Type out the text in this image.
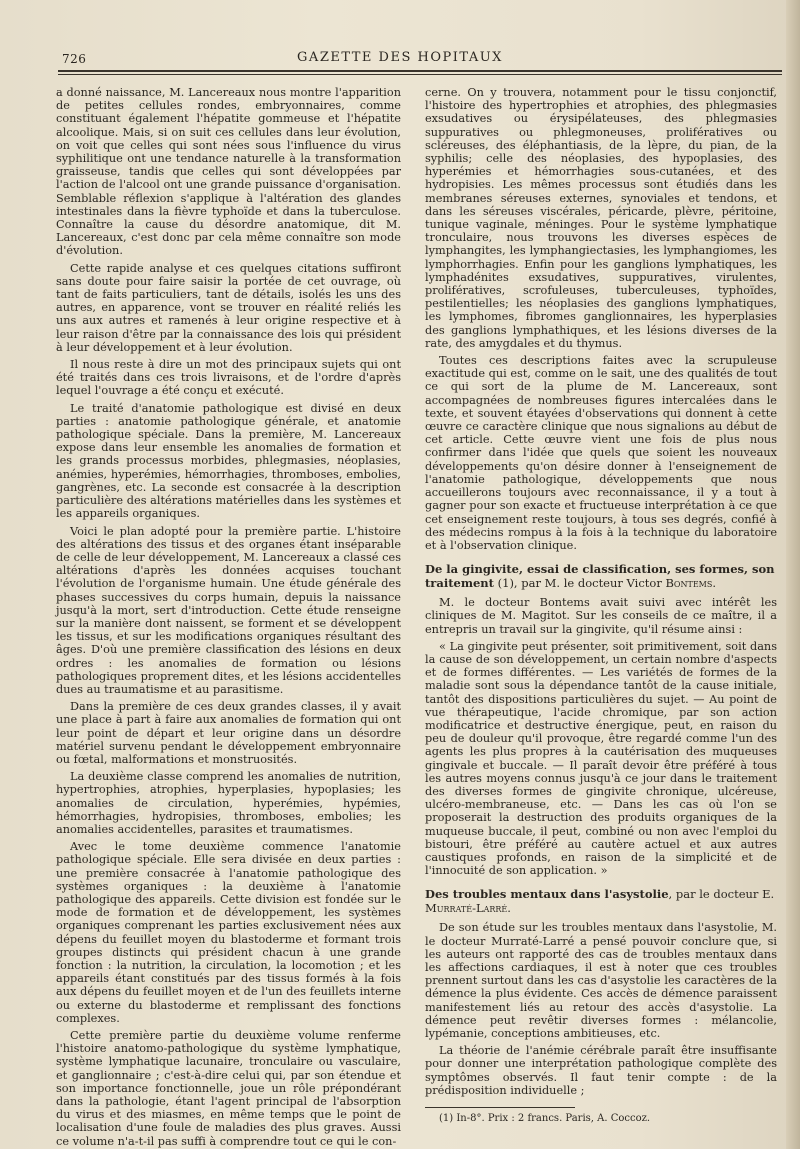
726	GAZETTE DES HOPITAUX

a donné naissance, M. Lancereaux nous montre l'apparition de petites cellules rondes, embryonnaires, comme constituant également l'hépatite gommeuse et l'hépatite alcoolique. Mais, si on suit ces cellules dans leur évolution, on voit que celles qui sont nées sous l'influence du virus syphilitique ont une tendance naturelle à la transformation graisseuse, tandis que celles qui sont développées par l'action de l'alcool ont une grande puissance d'organisation. Semblable réflexion s'applique à l'altération des glandes intestinales dans la fièvre typhoïde et dans la tuberculose. Connaître la cause du désordre anatomique, dit M. Lancereaux, c'est donc par cela même connaître son mode d'évolution.

Cette rapide analyse et ces quelques citations suffiront sans doute pour faire saisir la portée de cet ouvrage, où tant de faits particuliers, tant de détails, isolés les uns des autres, en apparence, vont se trouver en réalité reliés les uns aux autres et ramenés à leur origine respective et à leur raison d'être par la connaissance des lois qui président à leur développement et à leur évolution.

Il nous reste à dire un mot des principaux sujets qui ont été traités dans ces trois livraisons, et de l'ordre d'après lequel l'ouvrage a été conçu et exécuté.

Le traité d'anatomie pathologique est divisé en deux parties : anatomie pathologique générale, et anatomie pathologique spéciale. Dans la première, M. Lancereaux expose dans leur ensemble les anomalies de formation et les grands processus morbides, phlegmasies, néoplasies, anémies, hyperémies, hémorrhagies, thromboses, embolies, gangrènes, etc. La seconde est consacrée à la description particulière des altérations matérielles dans les systèmes et les appareils organiques.

Voici le plan adopté pour la première partie. L'histoire des altérations des tissus et des organes étant inséparable de celle de leur développement, M. Lancereaux a classé ces altérations d'après les données acquises touchant l'évolution de l'organisme humain. Une étude générale des phases successives du corps humain, depuis la naissance jusqu'à la mort, sert d'introduction. Cette étude renseigne sur la manière dont naissent, se forment et se développent les tissus, et sur les modifications organiques résultant des âges. D'où une première classification des lésions en deux ordres : les anomalies de formation ou lésions pathologiques proprement dites, et les lésions accidentelles dues au traumatisme et au parasitisme.

Dans la première de ces deux grandes classes, il y avait une place à part à faire aux anomalies de formation qui ont leur point de départ et leur origine dans un désordre matériel survenu pendant le développement embryonnaire ou fœtal, malformations et monstruosités.

La deuxième classe comprend les anomalies de nutrition, hypertrophies, atrophies, hyperplasies, hypoplasies; les anomalies de circulation, hyperémies, hypémies, hémorrhagies, hydropisies, thromboses, embolies; les anomalies accidentelles, parasites et traumatismes.

Avec le tome deuxième commence l'anatomie pathologique spéciale. Elle sera divisée en deux parties : une première consacrée à l'anatomie pathologique des systèmes organiques : la deuxième à l'anatomie pathologique des appareils. Cette division est fondée sur le mode de formation et de développement, les systèmes organiques comprenant les parties exclusivement nées aux dépens du feuillet moyen du blastoderme et formant trois groupes distincts qui président chacun à une grande fonction : la nutrition, la circulation, la locomotion ; et les appareils étant constitués par des tissus formés à la fois aux dépens du feuillet moyen et de l'un des feuillets interne ou externe du blastoderme et remplissant des fonctions complexes.

Cette première partie du deuxième volume renferme l'histoire anatomo-pathologique du système lymphatique, système lymphatique lacunaire, tronculaire ou vasculaire, et ganglionnaire ; c'est-à-dire celui qui, par son étendue et son importance fonctionnelle, joue un rôle prépondérant dans la pathologie, étant l'agent principal de l'absorption du virus et des miasmes, en même temps que le point de localisation d'une foule de maladies des plus graves. Aussi ce volume n'a-t-il pas suffi à comprendre tout ce qui le con-

cerne. On y trouvera, notamment pour le tissu conjonctif, l'histoire des hypertrophies et atrophies, des phlegmasies exsudatives ou érysipélateuses, des phlegmasies suppuratives ou phlegmoneuses, prolifératives ou scléreuses, des éléphantiasis, de la lèpre, du pian, de la syphilis; celle des néoplasies, des hypoplasies, des hyperémies et hémorrhagies sous-cutanées, et des hydropisies. Les mêmes processus sont étudiés dans les membranes séreuses externes, synoviales et tendons, et dans les séreuses viscérales, péricarde, plèvre, péritoine, tunique vaginale, méninges. Pour le système lymphatique tronculaire, nous trouvons les diverses espèces de lymphangites, les lymphangiectasies, les lymphangiomes, les lymphorrhagies. Enfin pour les ganglions lymphatiques, les lymphadénites exsudatives, suppuratives, virulentes, prolifératives, scrofuleuses, tuberculeuses, typhoïdes, pestilentielles; les néoplasies des ganglions lymphatiques, les lymphomes, fibromes ganglionnaires, les hyperplasies des ganglions lymphathiques, et les lésions diverses de la rate, des amygdales et du thymus.

Toutes ces descriptions faites avec la scrupuleuse exactitude qui est, comme on le sait, une des qualités de tout ce qui sort de la plume de M. Lancereaux, sont accompagnées de nombreuses figures intercalées dans le texte, et souvent étayées d'observations qui donnent à cette œuvre ce caractère clinique que nous signalions au début de cet article. Cette œuvre vient une fois de plus nous confirmer dans l'idée que quels que soient les nouveaux développements qu'on désire donner à l'enseignement de l'anatomie pathologique, développements que nous accueillerons toujours avec reconnaissance, il y a tout à gagner pour son exacte et fructueuse interprétation à ce que cet enseignement reste toujours, à tous ses degrés, confié à des médecins rompus à la fois à la technique du laboratoire et à l'observation clinique.

De la gingivite, essai de classification, ses formes, son traitement (1), par M. le docteur Victor Bontems.

M. le docteur Bontems avait suivi avec intérêt les cliniques de M. Magitot. Sur les conseils de ce maître, il a entrepris un travail sur la gingivite, qu'il résume ainsi :

« La gingivite peut présenter, soit primitivement, soit dans la cause de son développement, un certain nombre d'aspects et de formes différentes. — Les variétés de formes de la maladie sont sous la dépendance tantôt de la cause initiale, tantôt des dispositions particulières du sujet. — Au point de vue thérapeutique, l'acide chromique, par son action modificatrice et destructive énergique, peut, en raison du peu de douleur qu'il provoque, être regardé comme l'un des agents les plus propres à la cautérisation des muqueuses gingivale et buccale. — Il paraît devoir être préféré à tous les autres moyens connus jusqu'à ce jour dans le traitement des diverses formes de gingivite chronique, ulcéreuse, ulcéro-membraneuse, etc. — Dans les cas où l'on se proposerait la destruction des produits organiques de la muqueuse buccale, il peut, combiné ou non avec l'emploi du bistouri, être préféré au cautère actuel et aux autres caustiques profonds, en raison de la simplicité et de l'innocuité de son application. »

Des troubles mentaux dans l'asystolie, par le docteur E. Murraté-Larré.

De son étude sur les troubles mentaux dans l'asystolie, M. le docteur Murraté-Larré a pensé pouvoir conclure que, si les auteurs ont rapporté des cas de troubles mentaux dans les affections cardiaques, il est à noter que ces troubles prennent surtout dans les cas d'asystolie les caractères de la démence la plus évidente. Ces accès de démence paraissent manifestement liés au retour des accès d'asystolie. La démence peut revêtir diverses formes : mélancolie, lypémanie, conceptions ambitieuses, etc.

La théorie de l'anémie cérébrale paraît être insuffisante pour donner une interprétation pathologique complète des symptômes observés. Il faut tenir compte : de la prédisposition individuelle ;

(1) In-8°. Prix : 2 francs. Paris, A. Coccoz.
